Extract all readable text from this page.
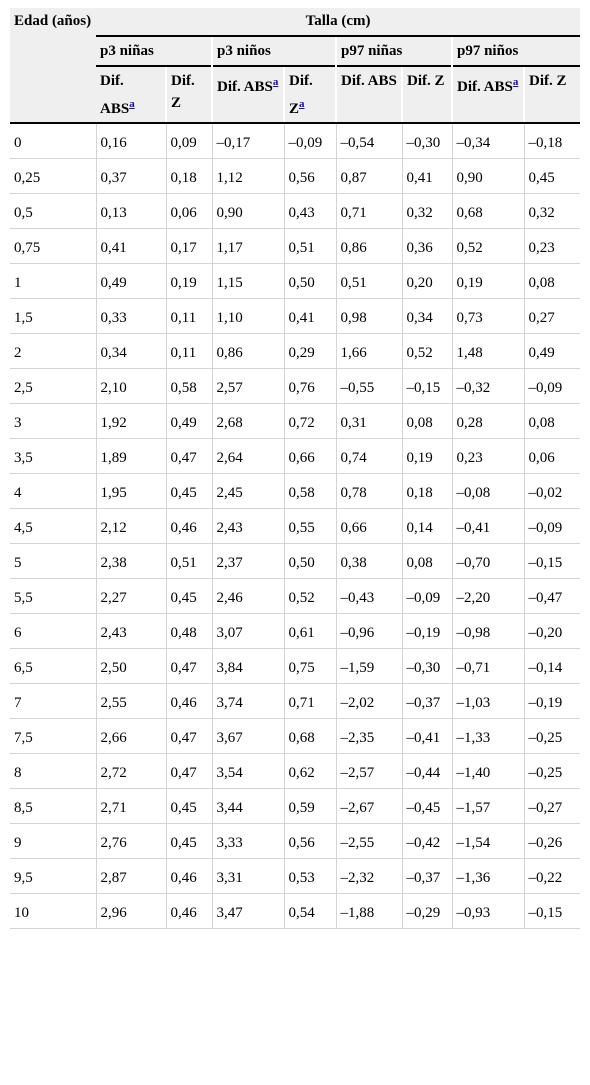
Edad (años)	Talla (cm)							
	p3 niñas		p3 niños		p97 niñas		p97 niños	
	Dif. ABS$^a$	Dif. Z	Dif. ABS$^a$	Dif. $Z^a$	Dif. ABS	Dif. Z	Dif. ABS$^a$	Dif. Z
0	0,16	0,09	–0,17	–0,09	–0,54	–0,30	–0,34	–0,18
0,25	0,37	0,18	1,12	0,56	0,87	0,41	0,90	0,45
0,5	0,13	0,06	0,90	0,43	0,71	0,32	0,68	0,32
0,75	0,41	0,17	1,17	0,51	0,86	0,36	0,52	0,23
1	0,49	0,19	1,15	0,50	0,51	0,20	0,19	0,08
1,5	0,33	0,11	1,10	0,41	0,98	0,34	0,73	0,27
2	0,34	0,11	0,86	0,29	1,66	0,52	1,48	0,49
2,5	2,10	0,58	2,57	0,76	–0,55	–0,15	–0,32	–0,09
3	1,92	0,49	2,68	0,72	0,31	0,08	0,28	0,08
3,5	1,89	0,47	2,64	0,66	0,74	0,19	0,23	0,06
4	1,95	0,45	2,45	0,58	0,78	0,18	–0,08	–0,02
4,5	2,12	0,46	2,43	0,55	0,66	0,14	–0,41	–0,09
5	2,38	0,51	2,37	0,50	0,38	0,08	–0,70	–0,15
5,5	2,27	0,45	2,46	0,52	–0,43	–0,09	–2,20	–0,47
6	2,43	0,48	3,07	0,61	–0,96	–0,19	–0,98	–0,20
6,5	2,50	0,47	3,84	0,75	–1,59	–0,30	–0,71	–0,14
7	2,55	0,46	3,74	0,71	–2,02	–0,37	–1,03	–0,19
7,5	2,66	0,47	3,67	0,68	–2,35	–0,41	–1,33	–0,25
8	2,72	0,47	3,54	0,62	–2,57	–0,44	–1,40	–0,25
8,5	2,71	0,45	3,44	0,59	–2,67	–0,45	–1,57	–0,27
9	2,76	0,45	3,33	0,56	–2,55	–0,42	–1,54	–0,26
9,5	2,87	0,46	3,31	0,53	–2,32	–0,37	–1,36	–0,22
10	2,96	0,46	3,47	0,54	–1,88	–0,29	–0,93	–0,15
